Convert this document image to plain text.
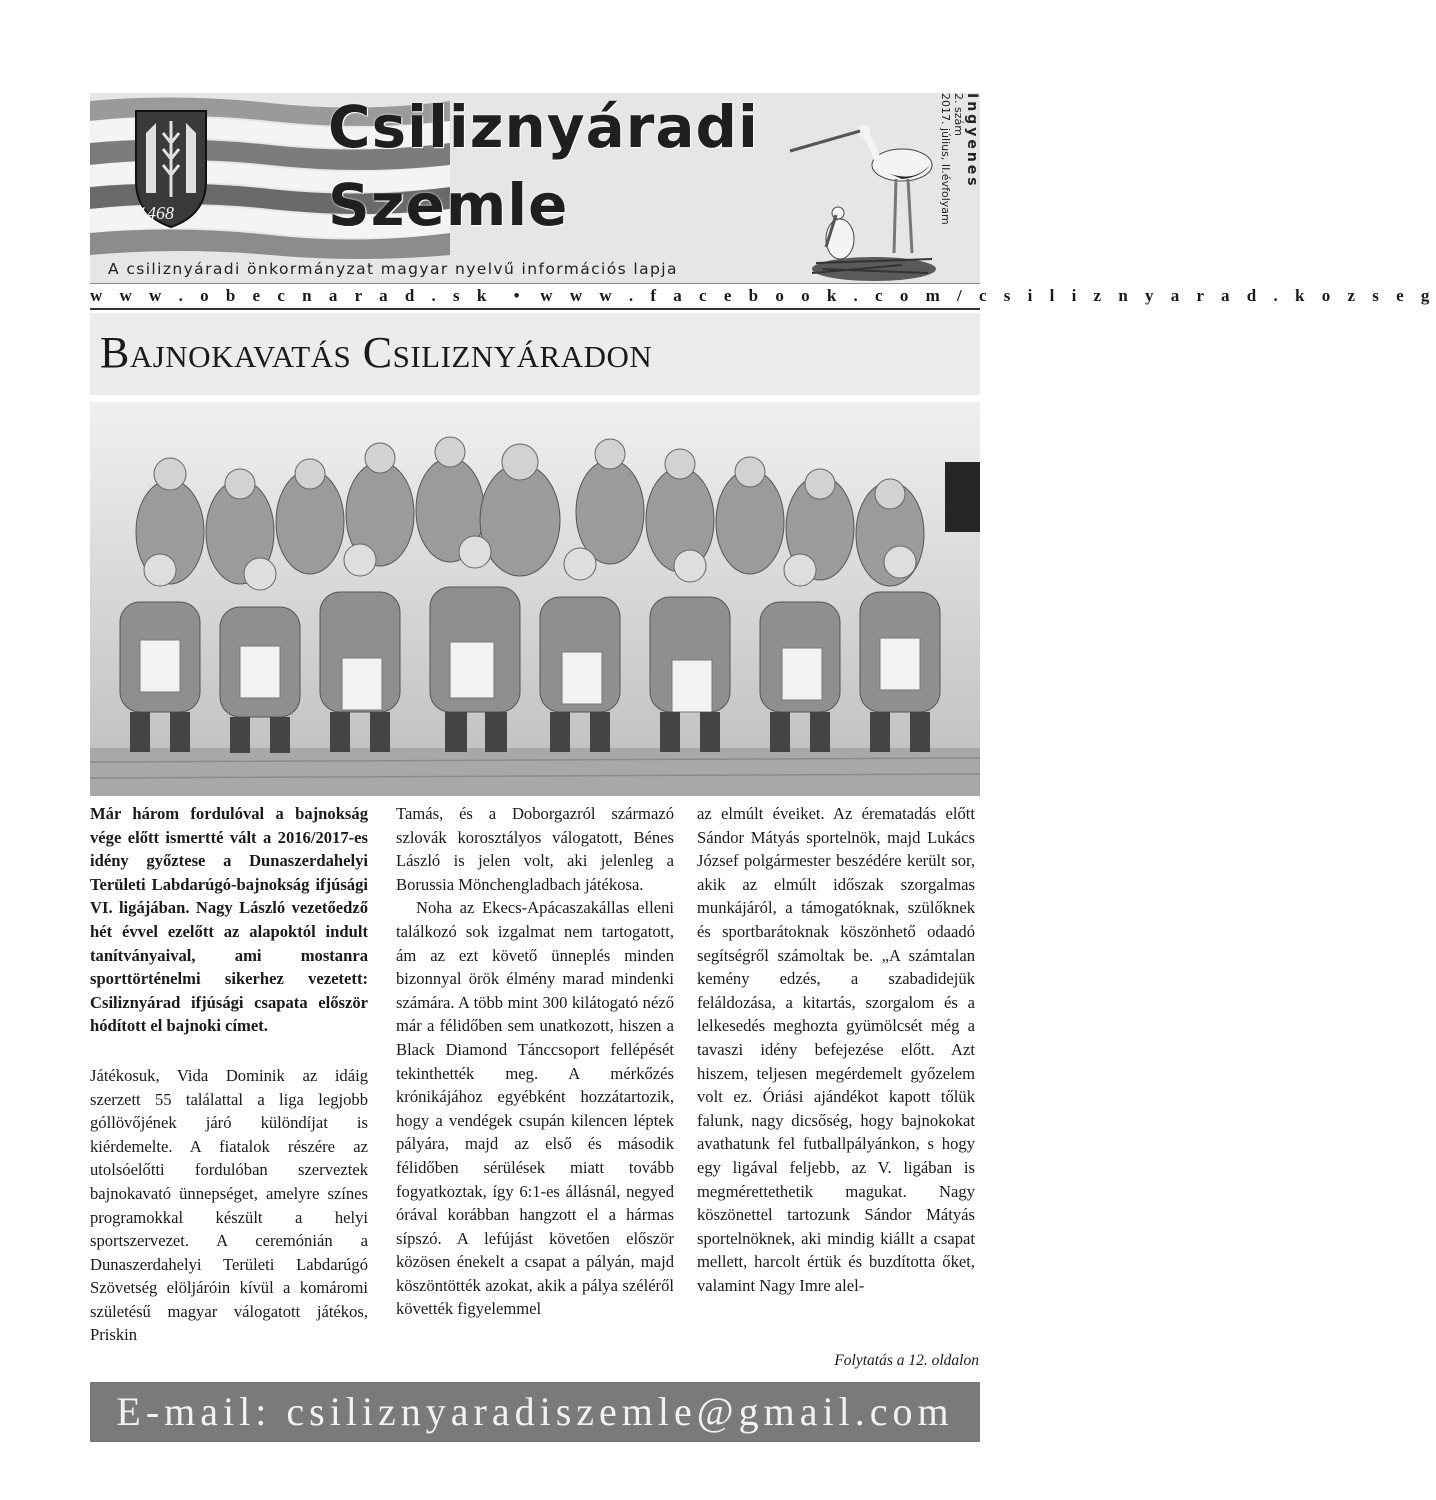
1468
Csiliznyáradi
Szemle
Ingyenes
2. szám
2017. július, II.évfolyam
A csiliznyáradi önkormányzat magyar nyelvű információs lapja
w w w . o b e c n a r a d . s k • w w w . f a c e b o o k . c o m / c s i l i z n y a r a d . k o z s e g
Bajnokavatás Csiliznyáradon

Már három fordulóval a bajnokság vége előtt ismertté vált a 2016/2017-es idény győztese a Dunaszerdahelyi Területi Labdarúgó-bajnokság ifjúsági VI. ligájában. Nagy László vezetőedző hét évvel ezelőtt az alapoktól indult tanítványaival, ami mostanra sporttörténelmi sikerhez vezetett: Csiliznyárad ifjúsági csapata először hódított el bajnoki címet.

Játékosuk, Vida Dominik az idáig szerzett 55 találattal a liga legjobb góllövőjének járó különdíjat is kiérdemelte. A fiatalok részére az utolsóelőtti fordulóban szerveztek bajnokavató ünnepséget, amelyre színes programokkal készült a helyi sportszervezet. A ceremónián a Dunaszerdahelyi Területi Labdarúgó Szövetség elöljáróin kívül a komáromi születésű magyar válogatott játékos, Priskin

Tamás, és a Doborgazról származó szlovák korosztályos válogatott, Bénes László is jelen volt, aki jelenleg a Borussia Mönchengladbach játékosa.

Noha az Ekecs-Apácaszakállas elleni találkozó sok izgalmat nem tartogatott, ám az ezt követő ünneplés minden bizonnyal örök élmény marad mindenki számára. A több mint 300 kilátogató néző már a félidőben sem unatkozott, hiszen a Black Diamond Tánccsoport fellépését tekinthették meg. A mérkőzés krónikájához egyébként hozzátartozik, hogy a vendégek csupán kilencen léptek pályára, majd az első és második félidőben sérülések miatt tovább fogyatkoztak, így 6:1-es állásnál, negyed órával korábban hangzott el a hármas sípszó. A lefújást követően először közösen énekelt a csapat a pályán, majd köszöntötték azokat, akik a pálya széléről követték figyelemmel

az elmúlt éveiket. Az érematadás előtt Sándor Mátyás sportelnök, majd Lukács József polgármester beszédére került sor, akik az elmúlt időszak szorgalmas munkájáról, a támogatóknak, szülőknek és sportbarátoknak köszönhető odaadó segítségről számoltak be. „A számtalan kemény edzés, a szabadidejük feláldozása, a kitartás, szorgalom és a lelkesedés meghozta gyümölcsét még a tavaszi idény befejezése előtt. Azt hiszem, teljesen megérdemelt győzelem volt ez. Óriási ajándékot kapott tőlük falunk, nagy dicsőség, hogy bajnokokat avathatunk fel futballpályánkon, s hogy egy ligával feljebb, az V. ligában is megmérettethetik magukat. Nagy köszönettel tartozunk Sándor Mátyás sportelnöknek, aki mindig kiállt a csapat mellett, harcolt értük és buzdította őket, valamint Nagy Imre alel-

Folytatás a 12. oldalon
E-mail: csiliznyaradiszemle@gmail.com
